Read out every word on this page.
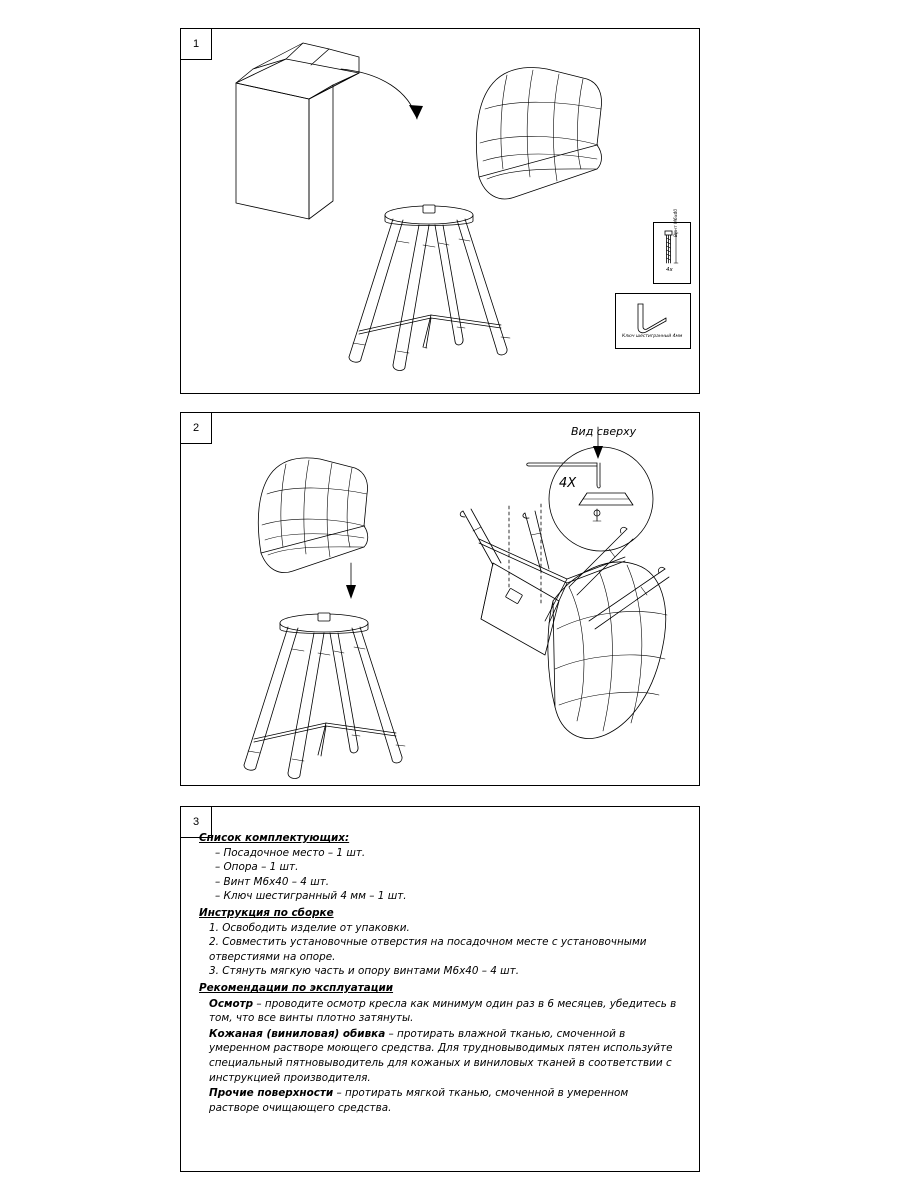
1
Винт M6x40
4x
Ключ шестигранный 4мм
2	Вид сверху
4X
3

Список комплектующих:

– Посадочное место – 1 шт.

– Опора – 1 шт.

– Винт M6x40 – 4 шт.

– Ключ шестигранный 4 мм – 1 шт.

Инструкция по сборке

1. Освободить изделие от упаковки.

2. Совместить установочные отверстия на посадочном месте с установочными отверстиями на опоре.

3. Стянуть мягкую часть и опору винтами M6x40 – 4 шт.

Рекомендации по эксплуатации

Осмотр – проводите осмотр кресла как минимум один раз в 6 месяцев, убедитесь в том, что все винты плотно затянуты.

Кожаная (виниловая) обивка – протирать влажной тканью, смоченной в умеренном растворе моющего средства. Для трудновыводимых пятен используйте специальный пятновыводитель для кожаных и виниловых тканей в соответствии с инструкцией производителя.

Прочие поверхности – протирать мягкой тканью, смоченной в умеренном растворе очищающего средства.
